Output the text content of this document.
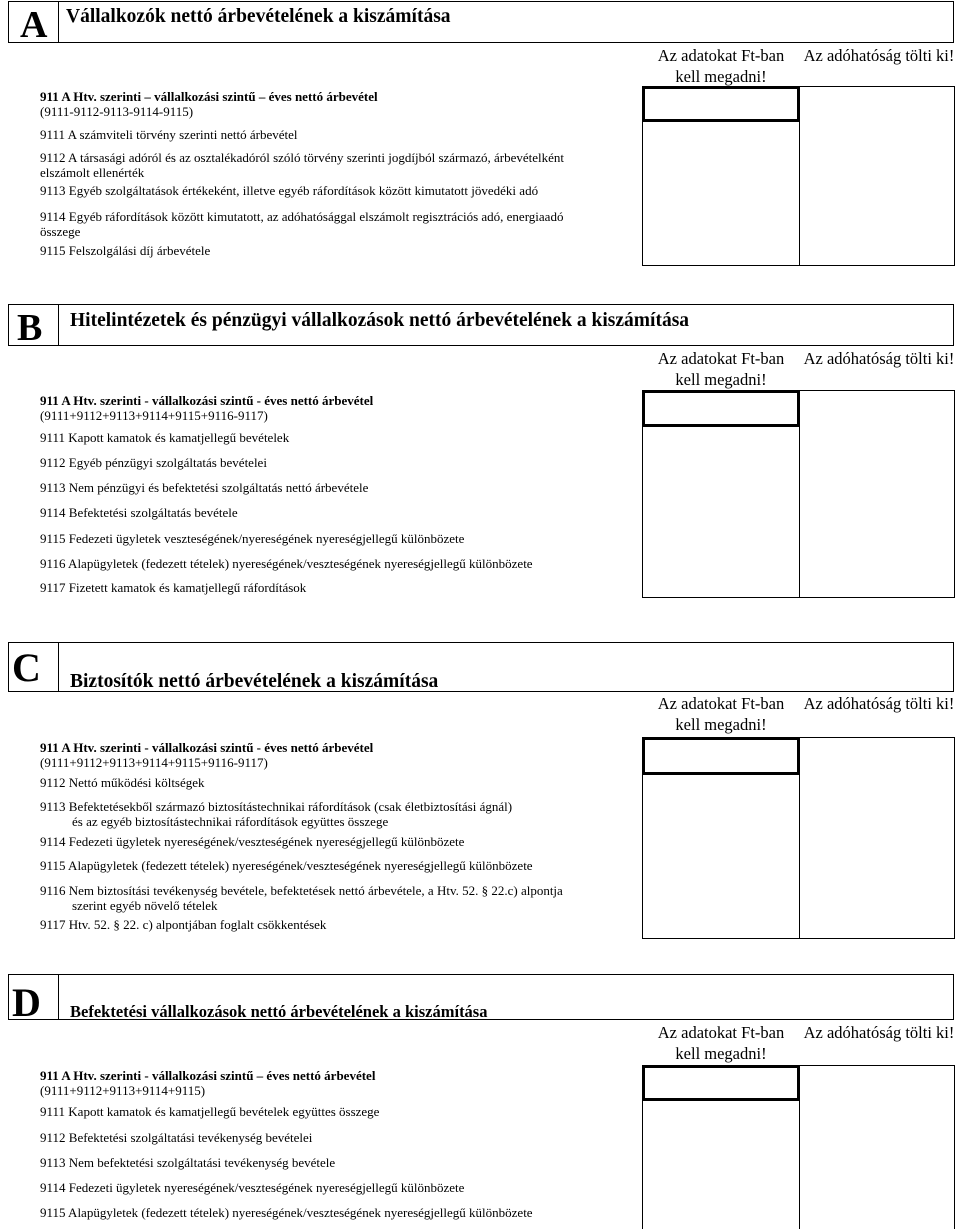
A Vállalkozók nettó árbevételének a kiszámítása
Az adatokat Ft-ban kell megadni!
Az adóhatóság tölti ki!
911 A Htv. szerinti – vállalkozási szintű – éves nettó árbevétel
(9111-9112-9113-9114-9115)
9111 A számviteli törvény szerinti nettó árbevétel
9112 A társasági adóról és az osztalékadóról szóló törvény szerinti jogdíjból származó, árbevételként
elszámolt ellenérték
9113 Egyéb szolgáltatások értékeként, illetve egyéb ráfordítások között kimutatott jövedéki adó
9114 Egyéb ráfordítások között kimutatott, az adóhatósággal elszámolt regisztrációs adó, energiaadó
összege
9115 Felszolgálási díj árbevétele
B Hitelintézetek és pénzügyi vállalkozások nettó árbevételének a kiszámítása
Az adatokat Ft-ban kell megadni!
Az adóhatóság tölti ki!
911 A Htv. szerinti - vállalkozási szintű - éves nettó árbevétel
(9111+9112+9113+9114+9115+9116-9117)
9111 Kapott kamatok és kamatjellegű bevételek
9112 Egyéb pénzügyi szolgáltatás bevételei
9113 Nem pénzügyi és befektetési szolgáltatás nettó árbevétele
9114 Befektetési szolgáltatás bevétele
9115 Fedezeti ügyletek veszteségének/nyereségének nyereségjellegű különbözete
9116 Alapügyletek (fedezett tételek) nyereségének/veszteségének nyereségjellegű különbözete
9117 Fizetett kamatok és kamatjellegű ráfordítások
C Biztosítók nettó árbevételének a kiszámítása
Az adatokat Ft-ban kell megadni!
Az adóhatóság tölti ki!
911 A Htv. szerinti - vállalkozási szintű - éves nettó árbevétel
(9111+9112+9113+9114+9115+9116-9117)
9112 Nettó működési költségek
9113 Befektetésekből származó biztosítástechnikai ráfordítások (csak életbiztosítási ágnál)
és az egyéb biztosítástechnikai ráfordítások együttes összege
9114 Fedezeti ügyletek nyereségének/veszteségének nyereségjellegű különbözete
9115 Alapügyletek (fedezett tételek) nyereségének/veszteségének nyereségjellegű különbözete
9116 Nem biztosítási tevékenység bevétele, befektetések nettó árbevétele, a Htv. 52. § 22.c) alpontja
szerint egyéb növelő tételek
9117 Htv. 52. § 22. c) alpontjában foglalt csökkentések
D Befektetési vállalkozások nettó árbevételének a kiszámítása
Az adatokat Ft-ban kell megadni!
Az adóhatóság tölti ki!
911 A Htv. szerinti - vállalkozási szintű – éves nettó árbevétel
(9111+9112+9113+9114+9115)
9111 Kapott kamatok és kamatjellegű bevételek együttes összege
9112 Befektetési szolgáltatási tevékenység bevételei
9113 Nem befektetési szolgáltatási tevékenység bevétele
9114 Fedezeti ügyletek nyereségének/veszteségének nyereségjellegű különbözete
9115 Alapügyletek (fedezett tételek) nyereségének/veszteségének nyereségjellegű különbözete
